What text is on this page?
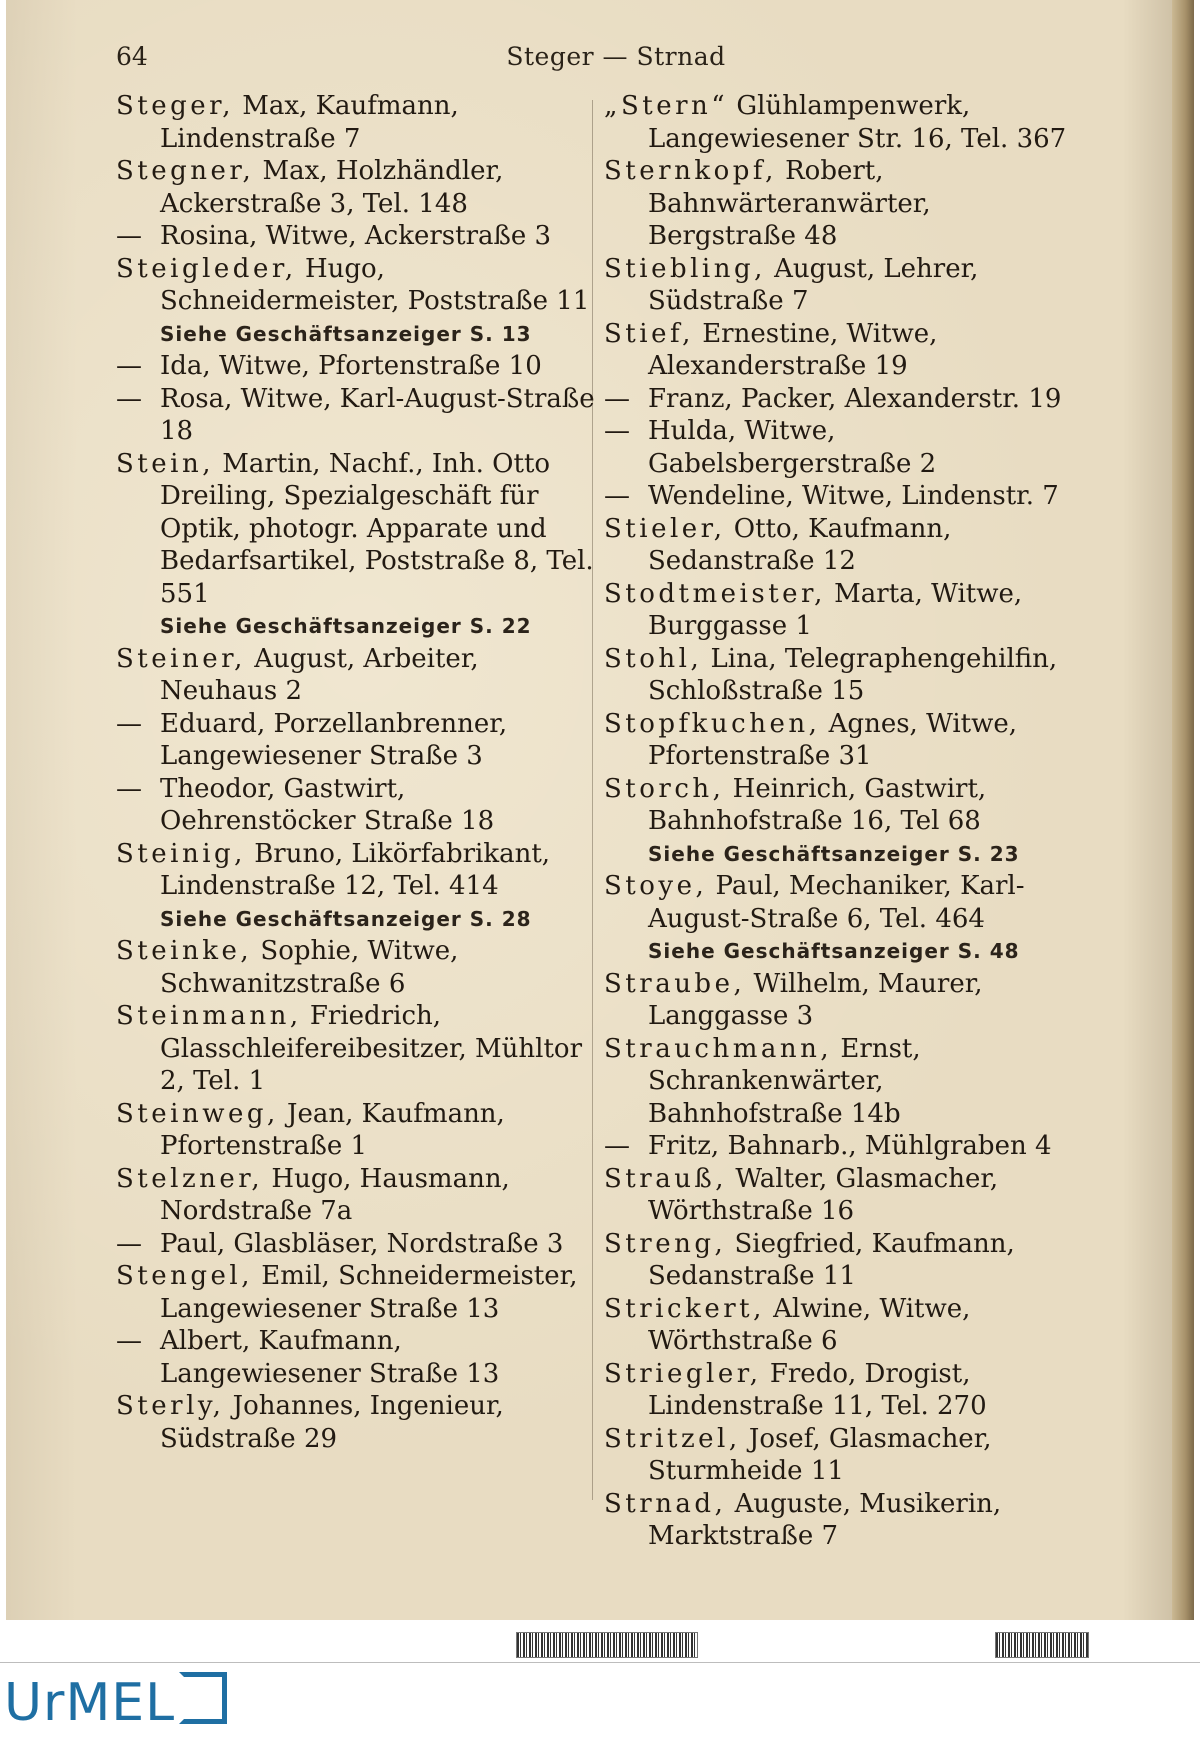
64	Steger — Strnad
Steger, Max, Kaufmann, Lindenstraße 7
Stegner, Max, Holzhändler, Ackerstraße 3, Tel. 148
— Rosina, Witwe, Ackerstraße 3
Steigleder, Hugo, Schneidermeister, Poststraße 11
Siehe Geschäftsanzeiger S. 13
— Ida, Witwe, Pfortenstraße 10
— Rosa, Witwe, Karl-August-Straße 18
Stein, Martin, Nachf., Inh. Otto Dreiling, Spezialgeschäft für Optik, photogr. Apparate und Bedarfsartikel, Poststraße 8, Tel. 551
Siehe Geschäftsanzeiger S. 22
Steiner, August, Arbeiter, Neuhaus 2
— Eduard, Porzellanbrenner, Langewiesener Straße 3
— Theodor, Gastwirt, Oehrenstöcker Straße 18
Steinig, Bruno, Likörfabrikant, Lindenstraße 12, Tel. 414
Siehe Geschäftsanzeiger S. 28
Steinke, Sophie, Witwe, Schwanitzstraße 6
Steinmann, Friedrich, Glasschleifereibesitzer, Mühltor 2, Tel. 1
Steinweg, Jean, Kaufmann, Pfortenstraße 1
Stelzner, Hugo, Hausmann, Nordstraße 7a
— Paul, Glasbläser, Nordstraße 3
Stengel, Emil, Schneidermeister, Langewiesener Straße 13
— Albert, Kaufmann, Langewiesener Straße 13
Sterly, Johannes, Ingenieur, Südstraße 29
„Stern“ Glühlampenwerk, Langewiesener Str. 16, Tel. 367
Sternkopf, Robert, Bahnwärteranwärter, Bergstraße 48
Stiebling, August, Lehrer, Südstraße 7
Stief, Ernestine, Witwe, Alexanderstraße 19
— Franz, Packer, Alexanderstr. 19
— Hulda, Witwe, Gabelsbergerstraße 2
— Wendeline, Witwe, Lindenstr. 7
Stieler, Otto, Kaufmann, Sedanstraße 12
Stodtmeister, Marta, Witwe, Burggasse 1
Stohl, Lina, Telegraphengehilfin, Schloßstraße 15
Stopfkuchen, Agnes, Witwe, Pfortenstraße 31
Storch, Heinrich, Gastwirt, Bahnhofstraße 16, Tel 68
Siehe Geschäftsanzeiger S. 23
Stoye, Paul, Mechaniker, Karl-August-Straße 6, Tel. 464
Siehe Geschäftsanzeiger S. 48
Straube, Wilhelm, Maurer, Langgasse 3
Strauchmann, Ernst, Schrankenwärter, Bahnhofstraße 14b
— Fritz, Bahnarb., Mühlgraben 4
Strauß, Walter, Glasmacher, Wörthstraße 16
Streng, Siegfried, Kaufmann, Sedanstraße 11
Strickert, Alwine, Witwe, Wörthstraße 6
Striegler, Fredo, Drogist, Lindenstraße 11, Tel. 270
Stritzel, Josef, Glasmacher, Sturmheide 11
Strnad, Auguste, Musikerin, Marktstraße 7
UrMEL
